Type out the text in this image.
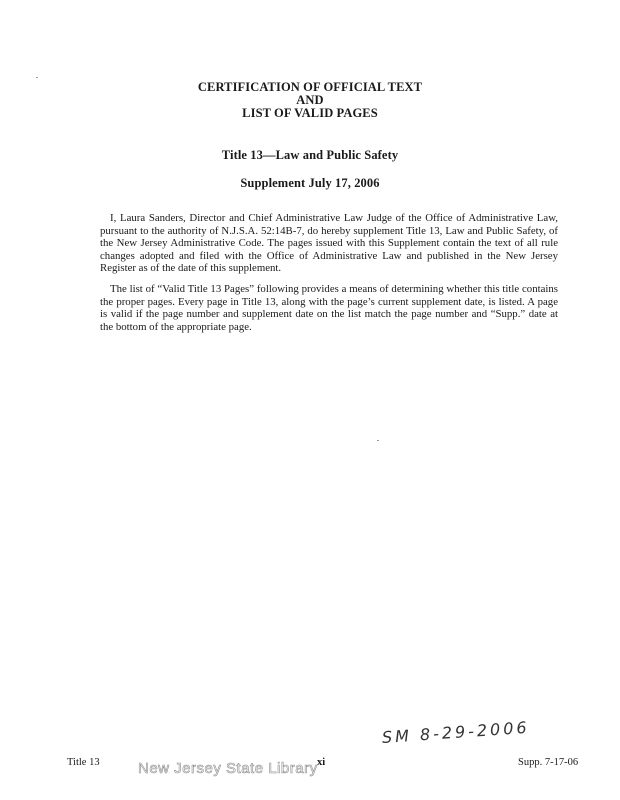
CERTIFICATION OF OFFICIAL TEXT
AND
LIST OF VALID PAGES
Title 13—Law and Public Safety
Supplement July 17, 2006

I, Laura Sanders, Director and Chief Administrative Law Judge of the Office of Administrative Law, pursuant to the authority of N.J.S.A. 52:14B-7, do hereby supplement Title 13, Law and Public Safety, of the New Jersey Administrative Code. The pages issued with this Supplement contain the text of all rule changes adopted and filed with the Office of Administrative Law and published in the New Jersey Register as of the date of this supplement.

The list of “Valid Title 13 Pages” following provides a means of determining whether this title contains the proper pages. Every page in Title 13, along with the page’s current supplement date, is listed. A page is valid if the page number and supplement date on the list match the page number and “Supp.” date at the bottom of the appropriate page.

SM 8-29-2006
Title 13	xi	Supp. 7-17-06
New Jersey State Library
